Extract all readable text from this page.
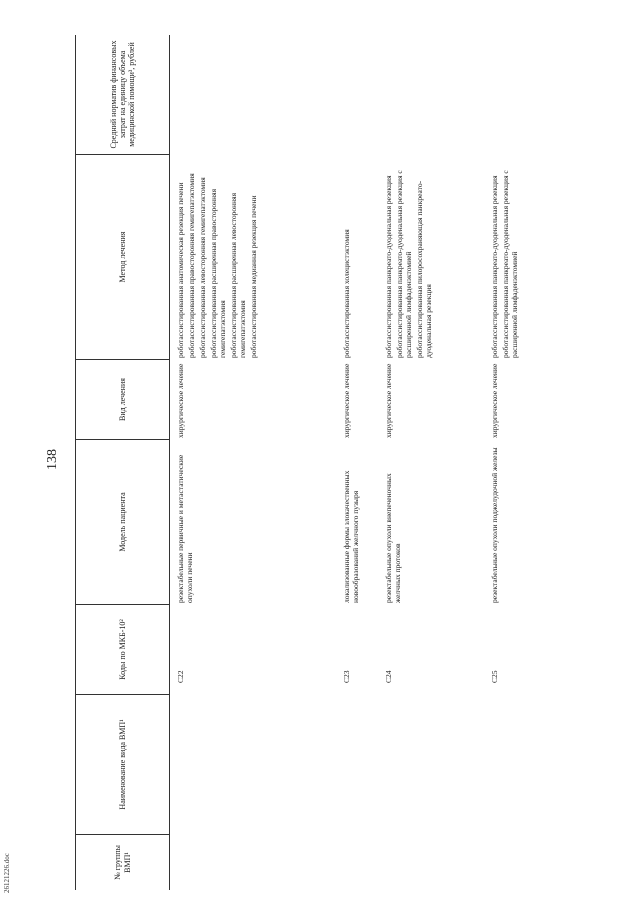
138
№ группы ВМП¹
Наименование вида ВМП¹
Коды по МКБ-10²
Модель пациента
Вид лечения
Метод лечения
Средний норматив финансовых затрат на единицу объема медицинской помощи³, рублей
C22
резектабельные первичные и метастатические опухоли печени
хирургическое лечение

роботассистированная анатомическая резекция печени роботассистированная правосторонняя гемигепатэктомия роботассистированная левосторонняя гемигепатэктомия роботассистированная расширенная правосторонняя гемигепатэктомия роботассистированная расширенная левосторонняя гемигепатэктомия роботассистированная медианная резекция печени

C23
локализованные формы злокачественных новообразований желчного пузыря
хирургическое лечение

роботассистированная холецистэктомия

C24
резектабельные опухоли внепеченочных желчных протоков
хирургическое лечение

роботассистированная панкреато-дуоденальная резекция роботассистированная панкреато-дуоденальная резекция с расширенной лимфаденэктомией роботассистированная пилоросохраняющая панкреато-дуоденальная резекция

C25
резектабельные опухоли поджелудочной железы
хирургическое лечение

роботассистированная панкреато-дуоденальная резекция роботассистированная панкреато-дуоденальная резекция с расширенной лимфаденэктомией

26121226.doc
